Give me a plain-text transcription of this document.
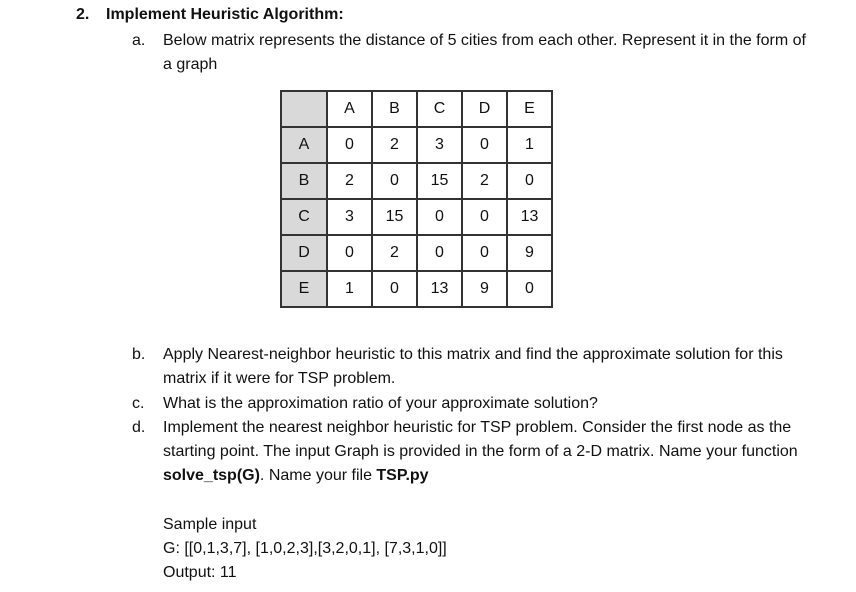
2. Implement Heuristic Algorithm:
a. Below matrix represents the distance of 5 cities from each other. Represent it in the form of a graph
	A	B	C	D	E
A	0	2	3	0	1
B	2	0	15	2	0
C	3	15	0	0	13
D	0	2	0	0	9
E	1	0	13	9	0
b. Apply Nearest-neighbor heuristic to this matrix and find the approximate solution for this matrix if it were for TSP problem.
c. What is the approximation ratio of your approximate solution?
d. Implement the nearest neighbor heuristic for TSP problem. Consider the first node as the starting point. The input Graph is provided in the form of a 2-D matrix. Name your function solve_tsp(G). Name your file TSP.py
Sample input
G: [[0,1,3,7], [1,0,2,3],[3,2,0,1], [7,3,1,0]]
Output: 11
